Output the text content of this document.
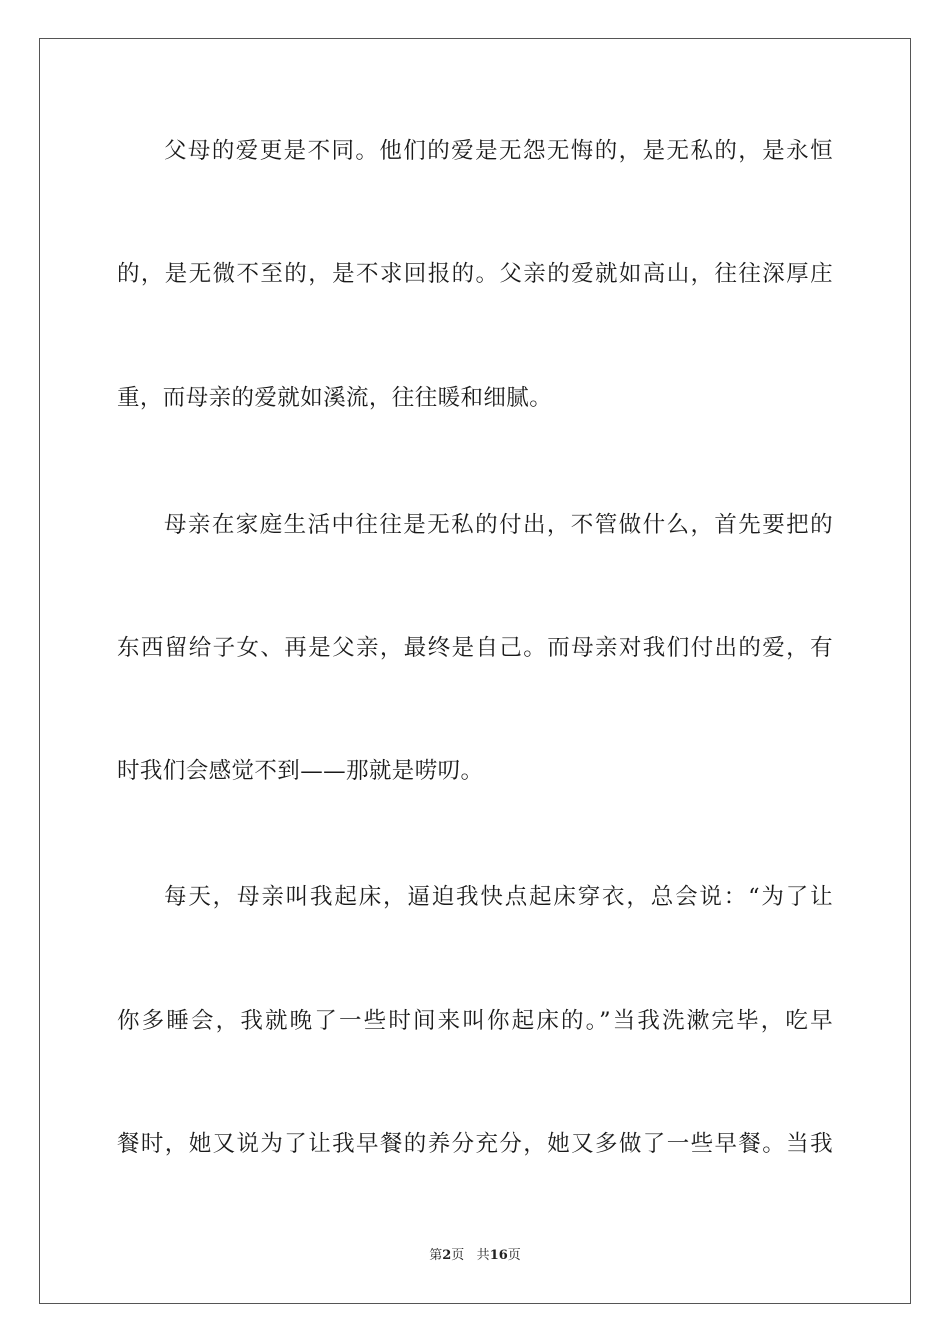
父母的爱更是不同。他们的爱是无怨无悔的，是无私的，是永恒
的，是无微不至的，是不求回报的。父亲的爱就如高山，往往深厚庄
重，而母亲的爱就如溪流，往往暖和细腻。
母亲在家庭生活中往往是无私的付出，不管做什么，首先要把的
东西留给子女、再是父亲，最终是自己。而母亲对我们付出的爱，有
时我们会感觉不到——那就是唠叨。
每天，母亲叫我起床，逼迫我快点起床穿衣，总会说：“为了让
你多睡会，我就晚了一些时间来叫你起床的。”当我洗漱完毕，吃早
餐时，她又说为了让我早餐的养分充分，她又多做了一些早餐。当我
第2页 共16页
